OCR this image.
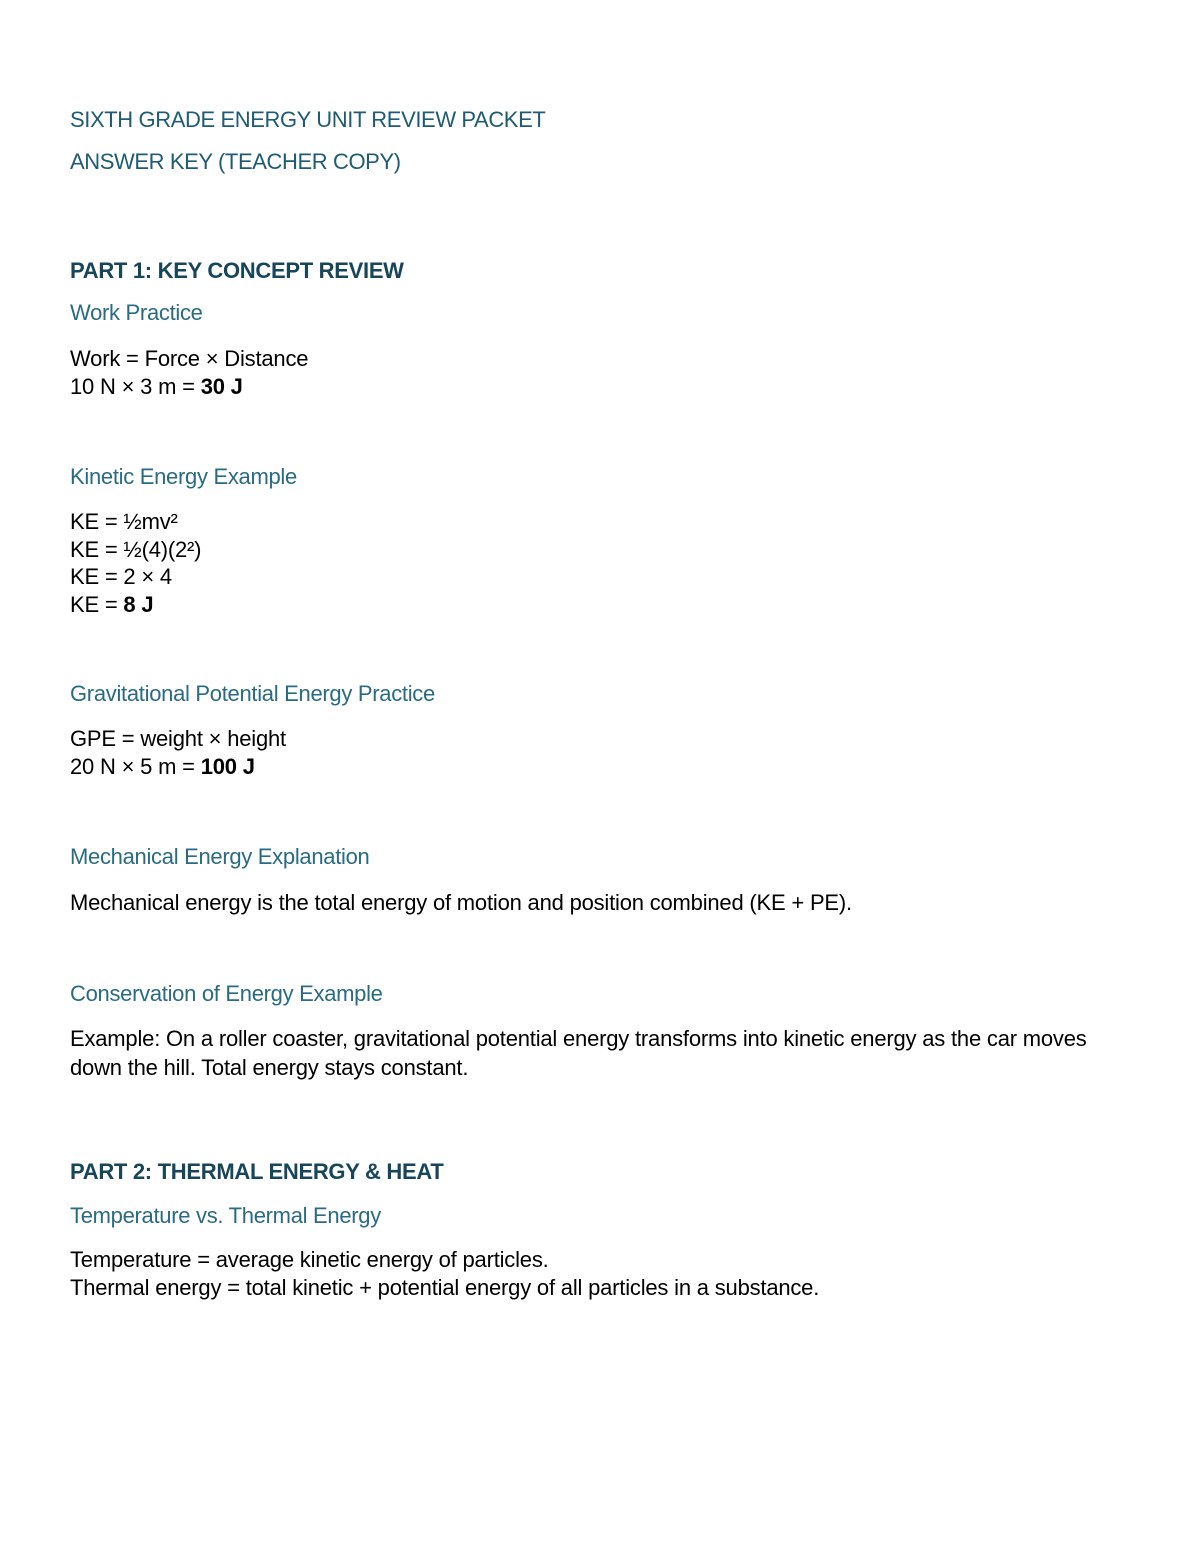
SIXTH GRADE ENERGY UNIT REVIEW PACKET

ANSWER KEY (TEACHER COPY)

PART 1: KEY CONCEPT REVIEW

Work Practice

Work = Force × Distance
10 N × 3 m = 30 J

Kinetic Energy Example

KE = ½mv²
KE = ½(4)(2²)
KE = 2 × 4
KE = 8 J

Gravitational Potential Energy Practice

GPE = weight × height
20 N × 5 m = 100 J

Mechanical Energy Explanation

Mechanical energy is the total energy of motion and position combined (KE + PE).

Conservation of Energy Example

Example: On a roller coaster, gravitational potential energy transforms into kinetic energy as the car moves down the hill. Total energy stays constant.

PART 2: THERMAL ENERGY & HEAT

Temperature vs. Thermal Energy

Temperature = average kinetic energy of particles.
Thermal energy = total kinetic + potential energy of all particles in a substance.
